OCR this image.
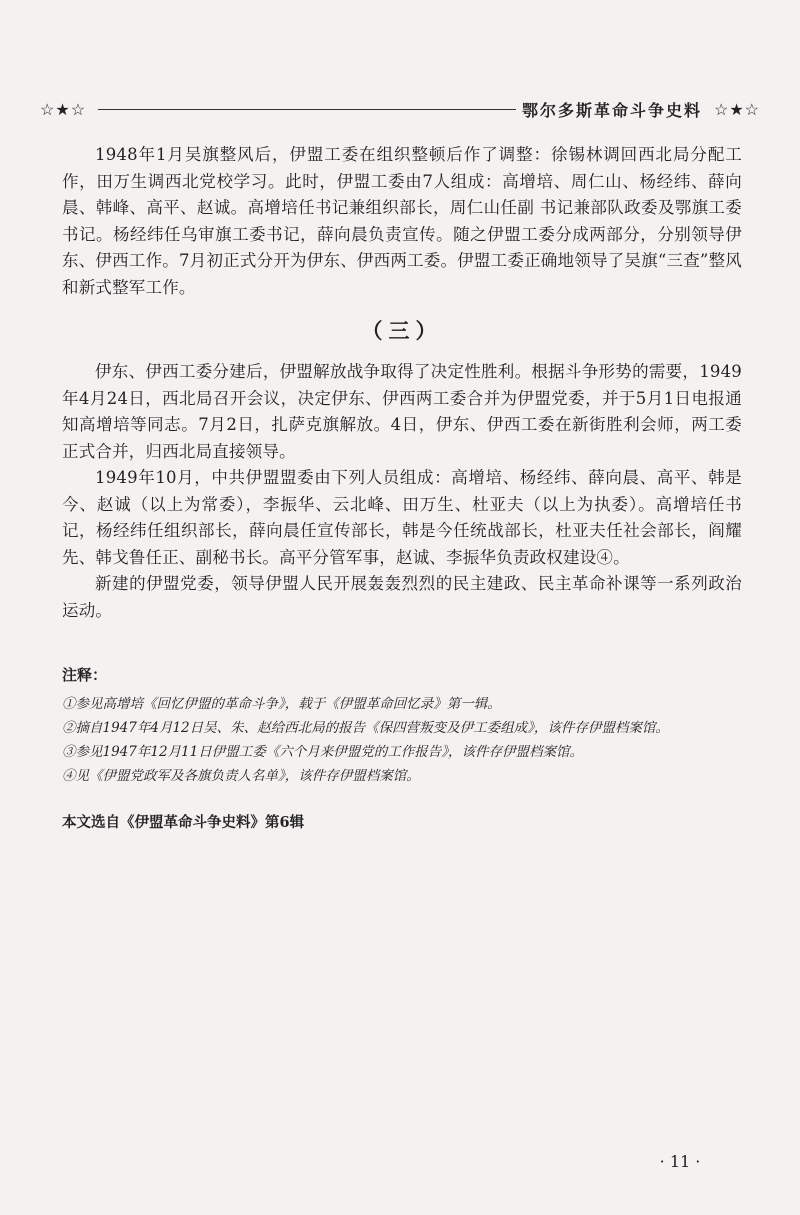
☆★☆	鄂尔多斯革命斗争史料 ☆★☆

1948年1月吴旗整风后，伊盟工委在组织整顿后作了调整：徐锡林调回西北局分配工作，田万生调西北党校学习。此时，伊盟工委由7人组成：高增培、周仁山、杨经纬、薛向晨、韩峰、高平、赵诚。高增培任书记兼组织部长，周仁山任副 书记兼部队政委及鄂旗工委书记。杨经纬任乌审旗工委书记，薛向晨负责宣传。随之伊盟工委分成两部分，分别领导伊东、伊西工作。7月初正式分开为伊东、伊西两工委。伊盟工委正确地领导了吴旗“三查”整风和新式整军工作。

（三）

伊东、伊西工委分建后，伊盟解放战争取得了决定性胜利。根据斗争形势的需要，1949年4月24日，西北局召开会议，决定伊东、伊西两工委合并为伊盟党委，并于5月1日电报通知高增培等同志。7月2日，扎萨克旗解放。4日，伊东、伊西工委在新街胜利会师，两工委正式合并，归西北局直接领导。

1949年10月，中共伊盟盟委由下列人员组成：高增培、杨经纬、薛向晨、高平、韩是今、赵诚（以上为常委），李振华、云北峰、田万生、杜亚夫（以上为执委）。高增培任书记，杨经纬任组织部长，薛向晨任宣传部长，韩是今任统战部长，杜亚夫任社会部长，阎耀先、韩戈鲁任正、副秘书长。高平分管军事，赵诚、李振华负责政权建设④。

新建的伊盟党委，领导伊盟人民开展轰轰烈烈的民主建政、民主革命补课等一系列政治运动。

注释：

①参见高增培《回忆伊盟的革命斗争》，载于《伊盟革命回忆录》第一辑。

②摘自1947年4月12日吴、朱、赵给西北局的报告《保四营叛变及伊工委组成》，该件存伊盟档案馆。

③参见1947年12月11日伊盟工委《六个月来伊盟党的工作报告》，该件存伊盟档案馆。

④见《伊盟党政军及各旗负责人名单》，该件存伊盟档案馆。

本文选自《伊盟革命斗争史料》第6辑
· 11 ·
